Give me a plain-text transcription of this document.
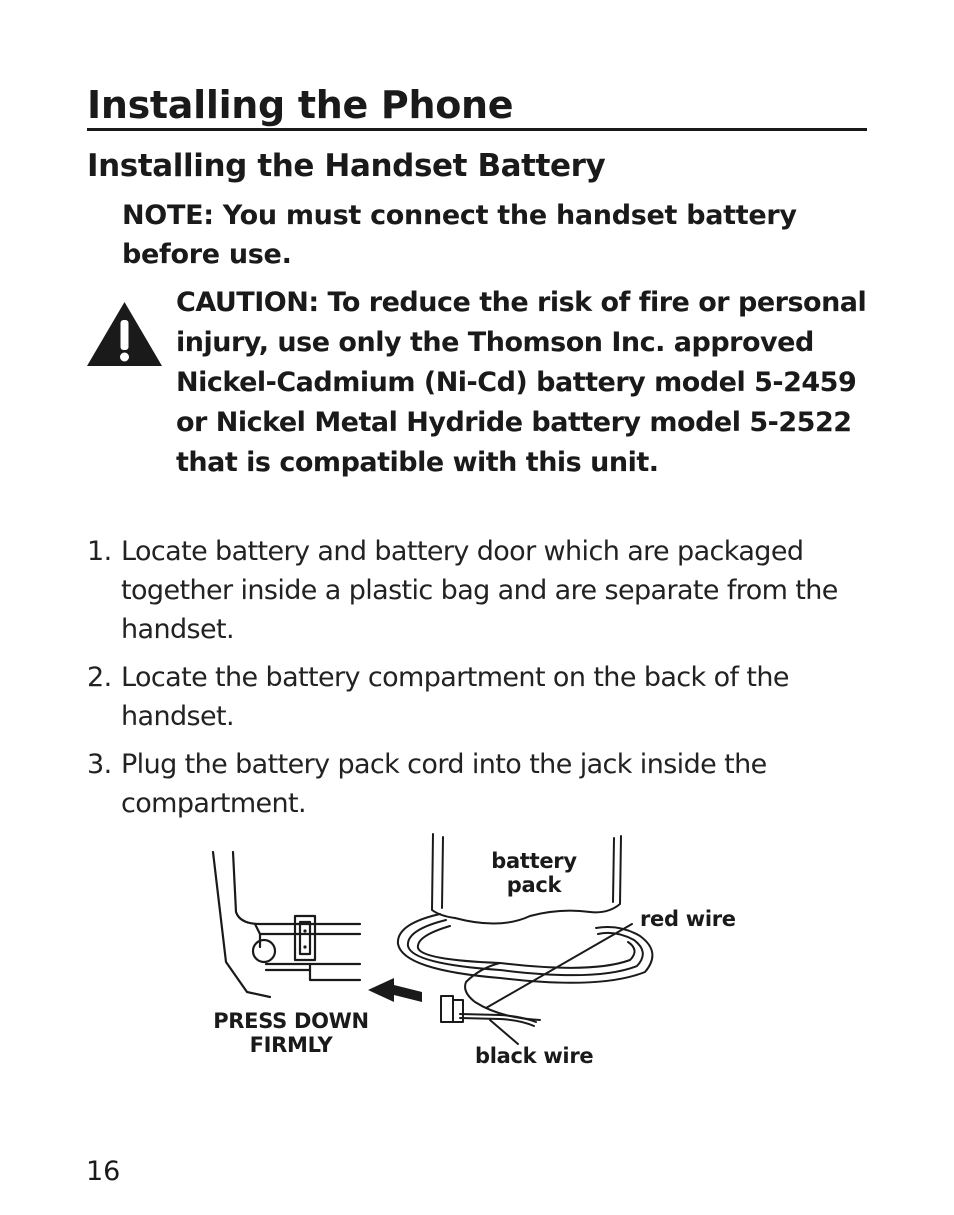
Installing the Phone
Installing the Handset Battery
NOTE: You must connect the handset battery before use.
CAUTION: To reduce the risk of fire or personal injury, use only the Thomson Inc. approved Nickel-Cadmium (Ni-Cd) battery model 5-2459 or Nickel Metal Hydride battery model 5-2522 that is compatible with this unit.
1. Locate battery and battery door which are packaged together inside a plastic bag and are separate from the handset.
2. Locate the battery compartment on the back of the handset.
3. Plug the battery pack cord into the jack inside the compartment.
battery
pack
red wire
black wire
PRESS DOWN
FIRMLY
16
